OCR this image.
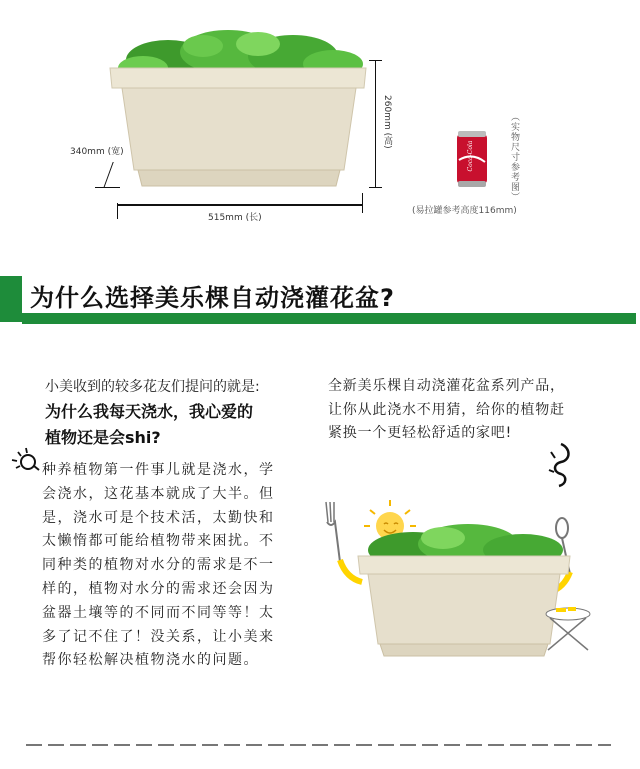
260mm (高)
515mm (长)
340mm (宽)	Coca-Cola	（实物尺寸参考图）
(易拉罐参考高度116mm)
为什么选择美乐棵自动浇灌花盆?
小美收到的较多花友们提问的就是:
为什么我每天浇水，我心爱的
植物还是会shi?
种养植物第一件事儿就是浇水，学
会浇水，这花基本就成了大半。但
是，浇水可是个技术活，太勤快和
太懒惰都可能给植物带来困扰。不
同种类的植物对水分的需求是不一
样的，植物对水分的需求还会因为
盆器土壤等的不同而不同等等！太
多了记不住了！没关系，让小美来
帮你轻松解决植物浇水的问题。
全新美乐棵自动浇灌花盆系列产品，
让你从此浇水不用猜，给你的植物赶
紧换一个更轻松舒适的家吧!
